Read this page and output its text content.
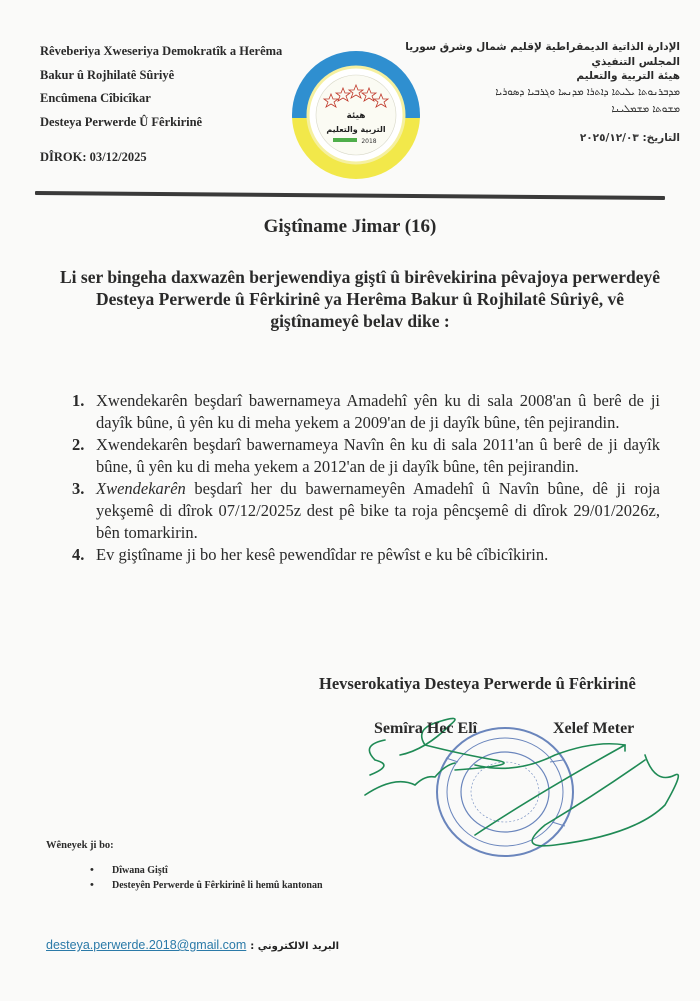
Rêveberiya Xweseriya Demokratîk a Herêma
Bakur û Rojhilatê Sûriyê
Encûmena Cîbicîkar
Desteya Perwerde Û Fêrkirinê
DÎROK: 03/12/2025
هيئة
التربية والتعليم
2018
الإدارة الذاتية الديمقراطية لإقليم شمال وشرق سوريا
المجلس التنفيذي
هيئة التربية والتعليم
ܡܕܒܪܢܘܬܐ ܝܠܝܬܐ ܕܐܬܪܐ ܡܕܢܚܐ ܘܓܪܒܝܐ ܕܣܘܪܝܐ
ܡܫܘܬܐ ܡܫܡܠܝܢܐ
التاريخ: ٢٠٢٥/١٢/٠٣
Giştîname Jimar (16)
Li ser bingeha daxwazên berjewendiya giştî û birêvekirina pêvajoya perwerdeyê
Desteya Perwerde û Fêrkirinê ya Herêma Bakur û Rojhilatê Sûriyê, vê giştînameyê belav dike :
1. Xwendekarên beşdarî bawernameya Amadehî yên ku di sala 2008'an û berê de ji dayîk bûne, û yên ku di meha yekem a 2009'an de ji dayîk bûne, tên pejirandin.
2. Xwendekarên beşdarî bawernameya Navîn ên ku di sala 2011'an û berê de ji dayîk bûne, û yên ku di meha yekem a 2012'an de ji dayîk bûne, tên pejirandin.
3. Xwendekarên beşdarî her du bawernameyên Amadehî û Navîn bûne, dê ji roja yekşemê di dîrok 07/12/2025z dest pê bike ta roja pêncşemê di dîrok 29/01/2026z, bên tomarkirin.
4. Ev giştîname ji bo her kesê pewendîdar re pêwîst e ku bê cîbicîkirin.
Hevserokatiya Desteya Perwerde û Fêrkirinê
Semîra Hec Elî	Xelef Meter
Wêneyek ji bo:
• Dîwana Giştî
• Desteyên Perwerde û Fêrkirinê li hemû kantonan
desteya.perwerde.2018@gmail.com البريد الالكتروني :
